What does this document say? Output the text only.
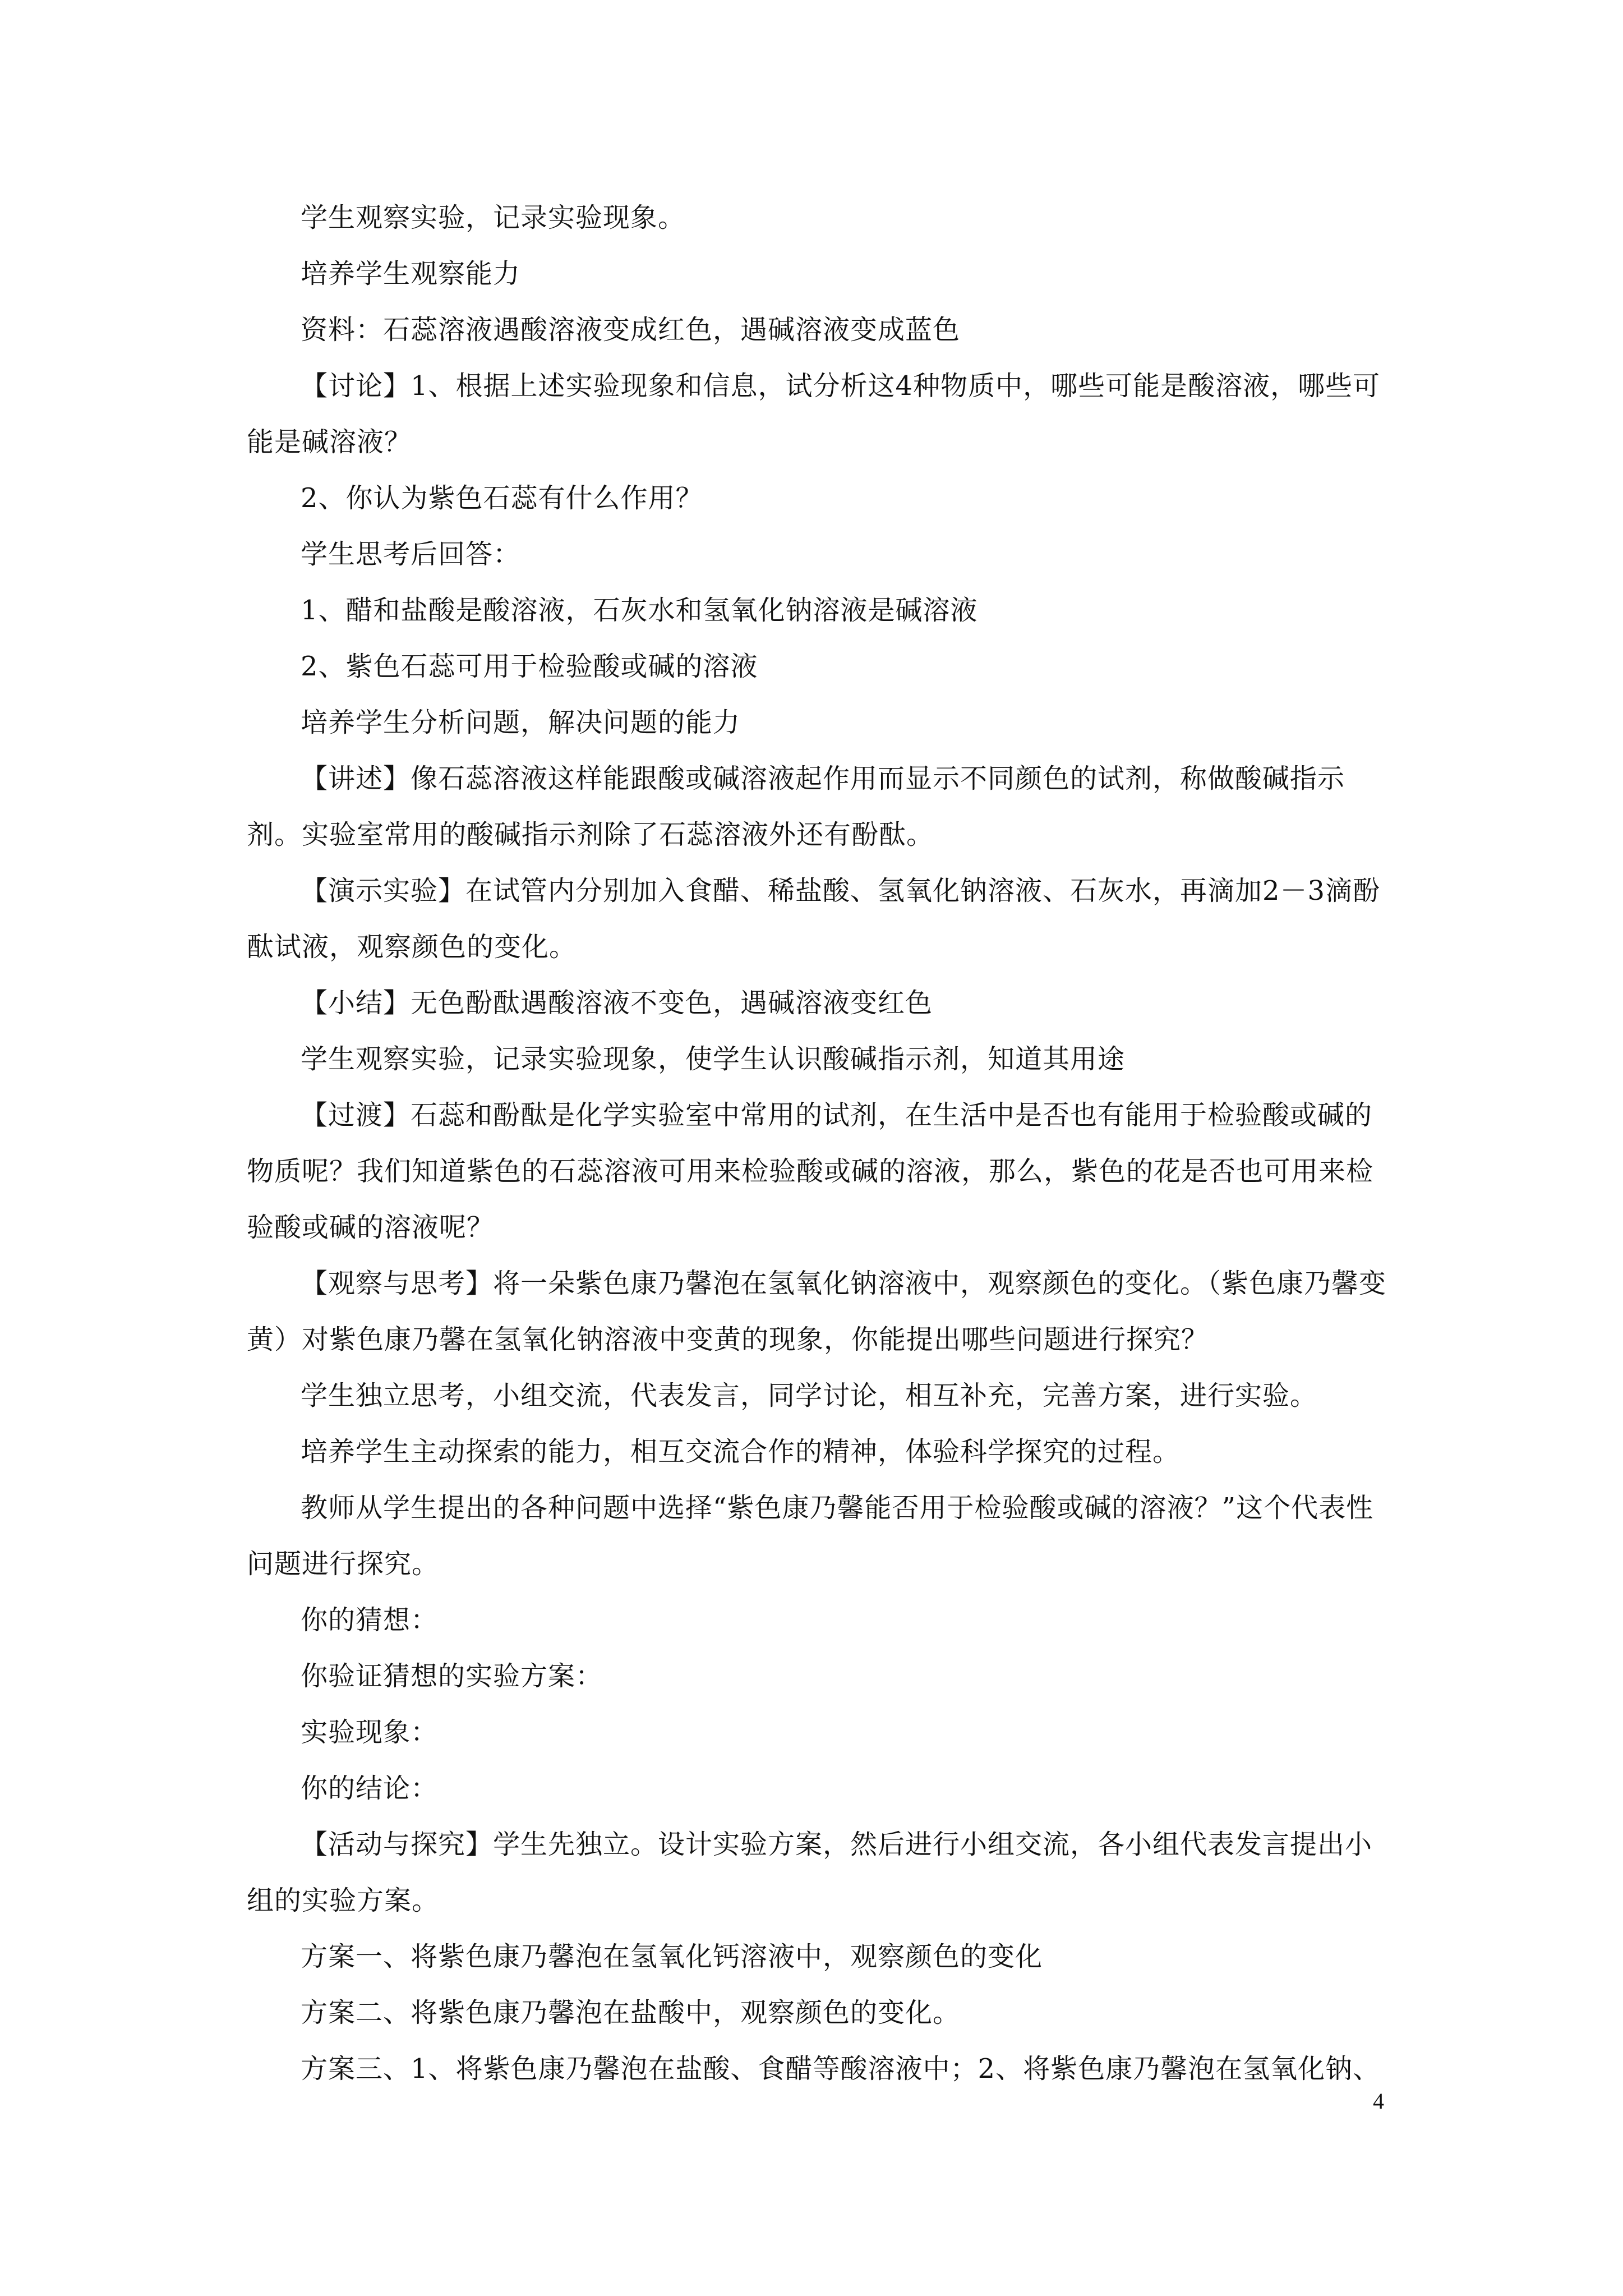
学生观察实验，记录实验现象。

培养学生观察能力

资料：石蕊溶液遇酸溶液变成红色，遇碱溶液变成蓝色

【讨论】1、根据上述实验现象和信息，试分析这4种物质中，哪些可能是酸溶液，哪些可能是碱溶液？

2、你认为紫色石蕊有什么作用？

学生思考后回答：

1、醋和盐酸是酸溶液，石灰水和氢氧化钠溶液是碱溶液

2、紫色石蕊可用于检验酸或碱的溶液

培养学生分析问题，解决问题的能力

【讲述】像石蕊溶液这样能跟酸或碱溶液起作用而显示不同颜色的试剂，称做酸碱指示剂。实验室常用的酸碱指示剂除了石蕊溶液外还有酚酞。

【演示实验】在试管内分别加入食醋、稀盐酸、氢氧化钠溶液、石灰水，再滴加2－3滴酚酞试液，观察颜色的变化。

【小结】无色酚酞遇酸溶液不变色，遇碱溶液变红色

学生观察实验，记录实验现象，使学生认识酸碱指示剂，知道其用途

【过渡】石蕊和酚酞是化学实验室中常用的试剂，在生活中是否也有能用于检验酸或碱的物质呢？我们知道紫色的石蕊溶液可用来检验酸或碱的溶液，那么，紫色的花是否也可用来检验酸或碱的溶液呢？

【观察与思考】将一朵紫色康乃馨泡在氢氧化钠溶液中，观察颜色的变化。（紫色康乃馨变黄）对紫色康乃馨在氢氧化钠溶液中变黄的现象，你能提出哪些问题进行探究？

学生独立思考，小组交流，代表发言，同学讨论，相互补充，完善方案，进行实验。

培养学生主动探索的能力，相互交流合作的精神，体验科学探究的过程。

教师从学生提出的各种问题中选择“紫色康乃馨能否用于检验酸或碱的溶液？”这个代表性问题进行探究。

你的猜想：

你验证猜想的实验方案：

实验现象：

你的结论：

【活动与探究】学生先独立。设计实验方案，然后进行小组交流，各小组代表发言提出小组的实验方案。

方案一、将紫色康乃馨泡在氢氧化钙溶液中，观察颜色的变化

方案二、将紫色康乃馨泡在盐酸中，观察颜色的变化。

方案三、1、将紫色康乃馨泡在盐酸、食醋等酸溶液中；2、将紫色康乃馨泡在氢氧化钠、

4
